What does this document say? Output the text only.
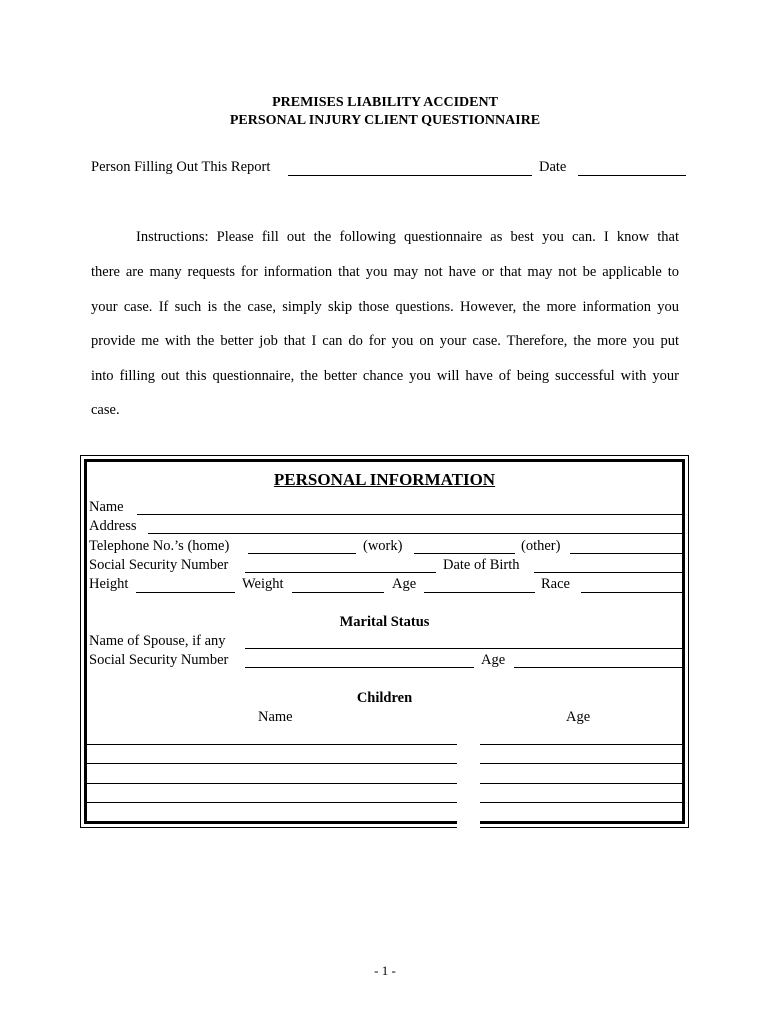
PREMISES LIABILITY ACCIDENT
PERSONAL INJURY CLIENT QUESTIONNAIRE
Person Filling Out This Report	Date
Instructions: Please fill out the following questionnaire as best you can. I know that
there are many requests for information that you may not have or that may not be applicable to
your case. If such is the case, simply skip those questions. However, the more information you
provide me with the better job that I can do for you on your case. Therefore, the more you put
into filling out this questionnaire, the better chance you will have of being successful with your
case.
PERSONAL INFORMATION
Name
Address
Telephone No.’s (home)	(work)	(other)
Social Security Number	Date of Birth
Height	Weight	Age	Race
Marital Status
Name of Spouse, if any
Social Security Number	Age
Children
Name	Age
- 1 -
